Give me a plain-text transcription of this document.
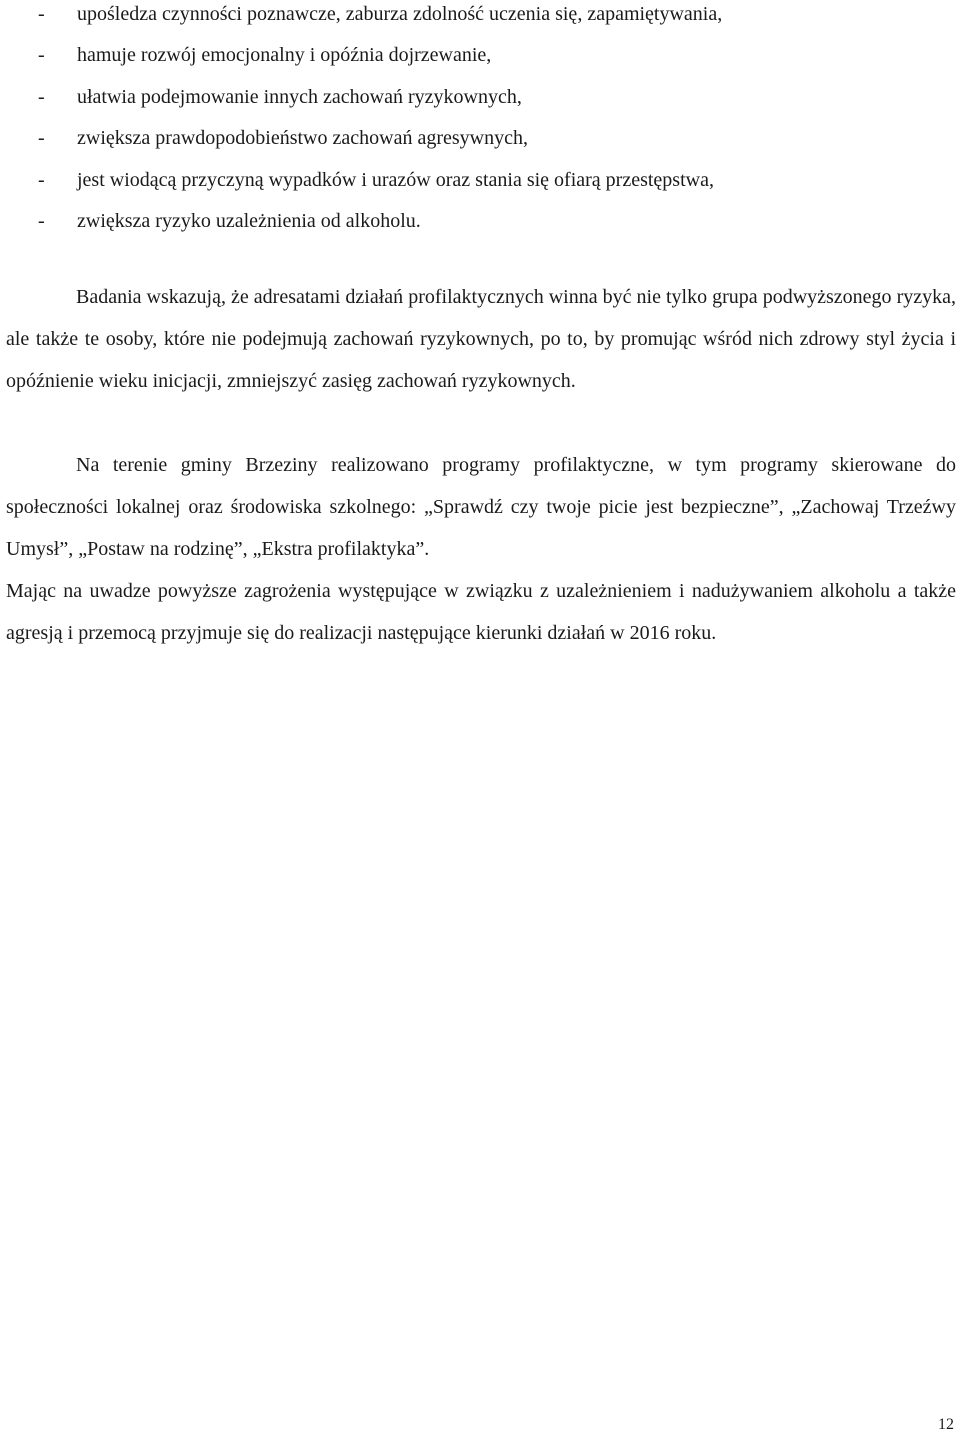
- upośledza czynności poznawcze, zaburza zdolność uczenia się, zapamiętywania,
- hamuje rozwój emocjonalny i opóźnia dojrzewanie,
- ułatwia podejmowanie innych zachowań ryzykownych,
- zwiększa prawdopodobieństwo zachowań agresywnych,
- jest wiodącą przyczyną wypadków i urazów oraz stania się ofiarą przestępstwa,
- zwiększa ryzyko uzależnienia od alkoholu.

Badania wskazują, że adresatami działań profilaktycznych winna być nie tylko grupa podwyższonego ryzyka, ale także te osoby, które nie podejmują zachowań ryzykownych, po to, by promując wśród nich zdrowy styl życia i opóźnienie wieku inicjacji, zmniejszyć zasięg zachowań ryzykownych.

Na terenie gminy Brzeziny realizowano programy profilaktyczne, w tym programy skierowane do społeczności lokalnej oraz środowiska szkolnego: „Sprawdź czy twoje picie jest bezpieczne”, „Zachowaj Trzeźwy Umysł”, „Postaw na rodzinę”, „Ekstra profilaktyka”.

Mając na uwadze powyższe zagrożenia występujące w związku z uzależnieniem i nadużywaniem alkoholu a także agresją i przemocą przyjmuje się do realizacji następujące kierunki działań w 2016 roku.

12
